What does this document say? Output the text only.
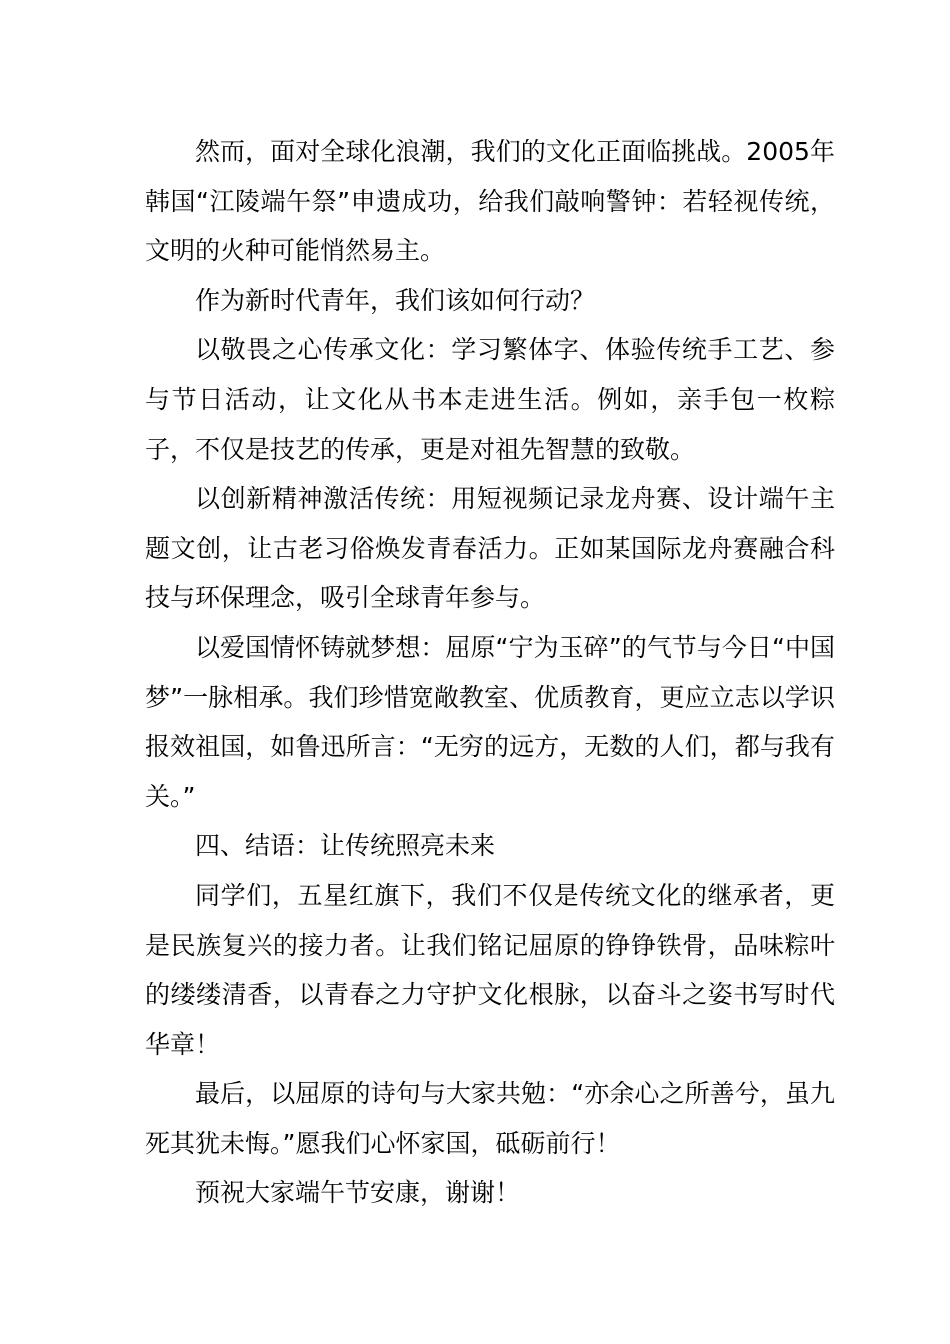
然而，面对全球化浪潮，我们的文化正面临挑战。2005年韩国“江陵端午祭”申遗成功，给我们敲响警钟：若轻视传统，文明的火种可能悄然易主。

作为新时代青年，我们该如何行动？

以敬畏之心传承文化：学习繁体字、体验传统手工艺、参与节日活动，让文化从书本走进生活。例如，亲手包一枚粽子，不仅是技艺的传承，更是对祖先智慧的致敬。

以创新精神激活传统：用短视频记录龙舟赛、设计端午主题文创，让古老习俗焕发青春活力。正如某国际龙舟赛融合科技与环保理念，吸引全球青年参与。

以爱国情怀铸就梦想：屈原“宁为玉碎”的气节与今日“中国梦”一脉相承。我们珍惜宽敞教室、优质教育，更应立志以学识报效祖国，如鲁迅所言：“无穷的远方，无数的人们，都与我有关。”

四、结语：让传统照亮未来

同学们，五星红旗下，我们不仅是传统文化的继承者，更是民族复兴的接力者。让我们铭记屈原的铮铮铁骨，品味粽叶的缕缕清香，以青春之力守护文化根脉，以奋斗之姿书写时代华章！

最后，以屈原的诗句与大家共勉：“亦余心之所善兮，虽九死其犹未悔。”愿我们心怀家国，砥砺前行！

预祝大家端午节安康，谢谢！
